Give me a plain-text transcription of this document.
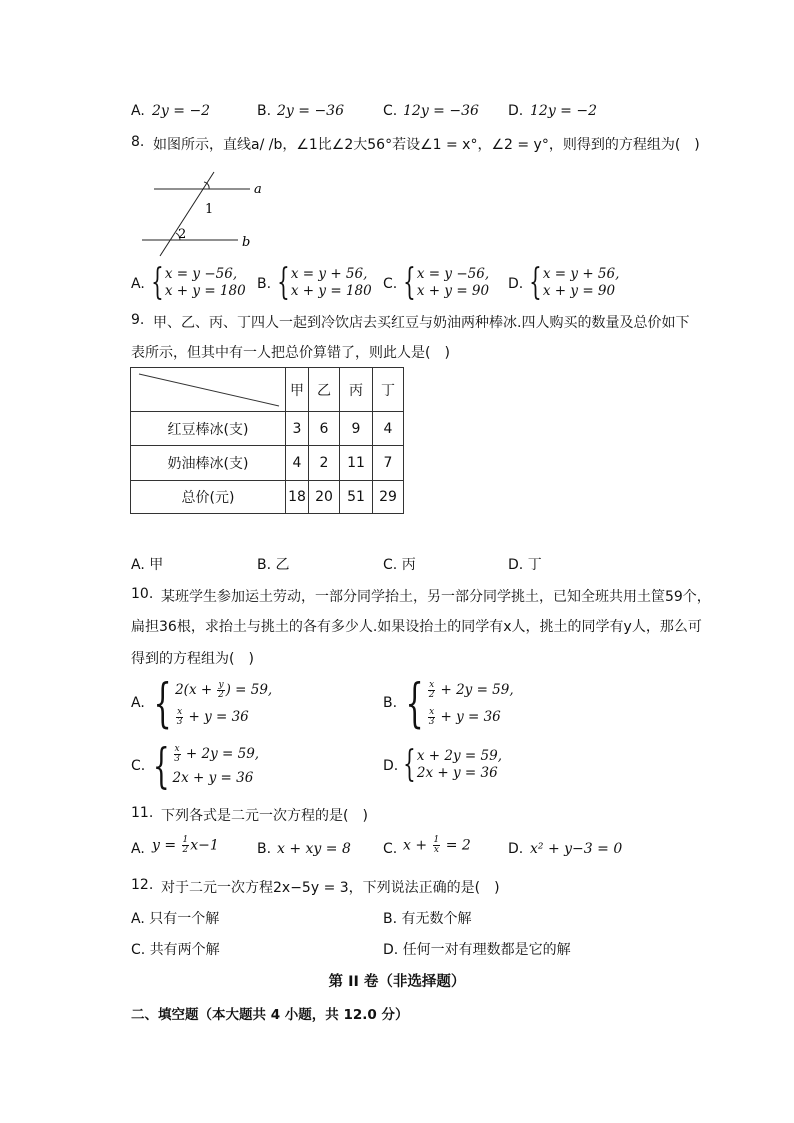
A. 2y = −2	B. 2y = −36	C. 12y = −36 D. 12y = −2
8. 如图所示，直线a/ /b，∠1比∠2大56°若设∠1 = x°，∠2 = y°，则得到的方程组为(　)
a
b
1
2
A. { x = y −56,
x + y = 180 B. { x = y + 56,
x + y = 180 C. { x = y −56,
x + y = 90 D. { x = y + 56,
x + y = 90
9. 甲、乙、丙、丁四人一起到冷饮店去买红豆与奶油两种棒冰.四人购买的数量及总价如下
表所示，但其中有一人把总价算错了，则此人是(　)
	甲	乙	丙	丁
红豆棒冰(支)	3	6	9	4
奶油棒冰(支)	4	2	11	7
总价(元)	18	20	51	29
A. 甲	B. 乙	C. 丙	D. 丁
10. 某班学生参加运土劳动，一部分同学抬土，另一部分同学挑土，已知全班共用土筐59个，
扁担36根，求抬土与挑土的各有多少人.如果设抬土的同学有x人，挑土的同学有y人，那么可
得到的方程组为(　)
A. { $2(x + \frac{y}{2}$ ) = 59,
$\frac{x}{3} + y = 36$
B. { $\frac{x}{2} + 2y = 59$,
$\frac{x}{3} + y = 36$
C. { $\frac{x}{3} + 2y = 59$,
2x + y = 36
D. { x + 2y = 59,
2x + y = 36
11. 下列各式是二元一次方程的是(　)
A. $y = \frac{1}{2} x-1$	B. x + xy = 8 C. $x + \frac{1}{x} = 2$	D. x² + y−3 = 0
12. 对于二元一次方程2x−5y = 3，下列说法正确的是(　)
A. 只有一个解	B. 有无数个解
C. 共有两个解	D. 任何一对有理数都是它的解
第 II 卷（非选择题）
二、填空题（本大题共 4 小题，共 12.0 分）
